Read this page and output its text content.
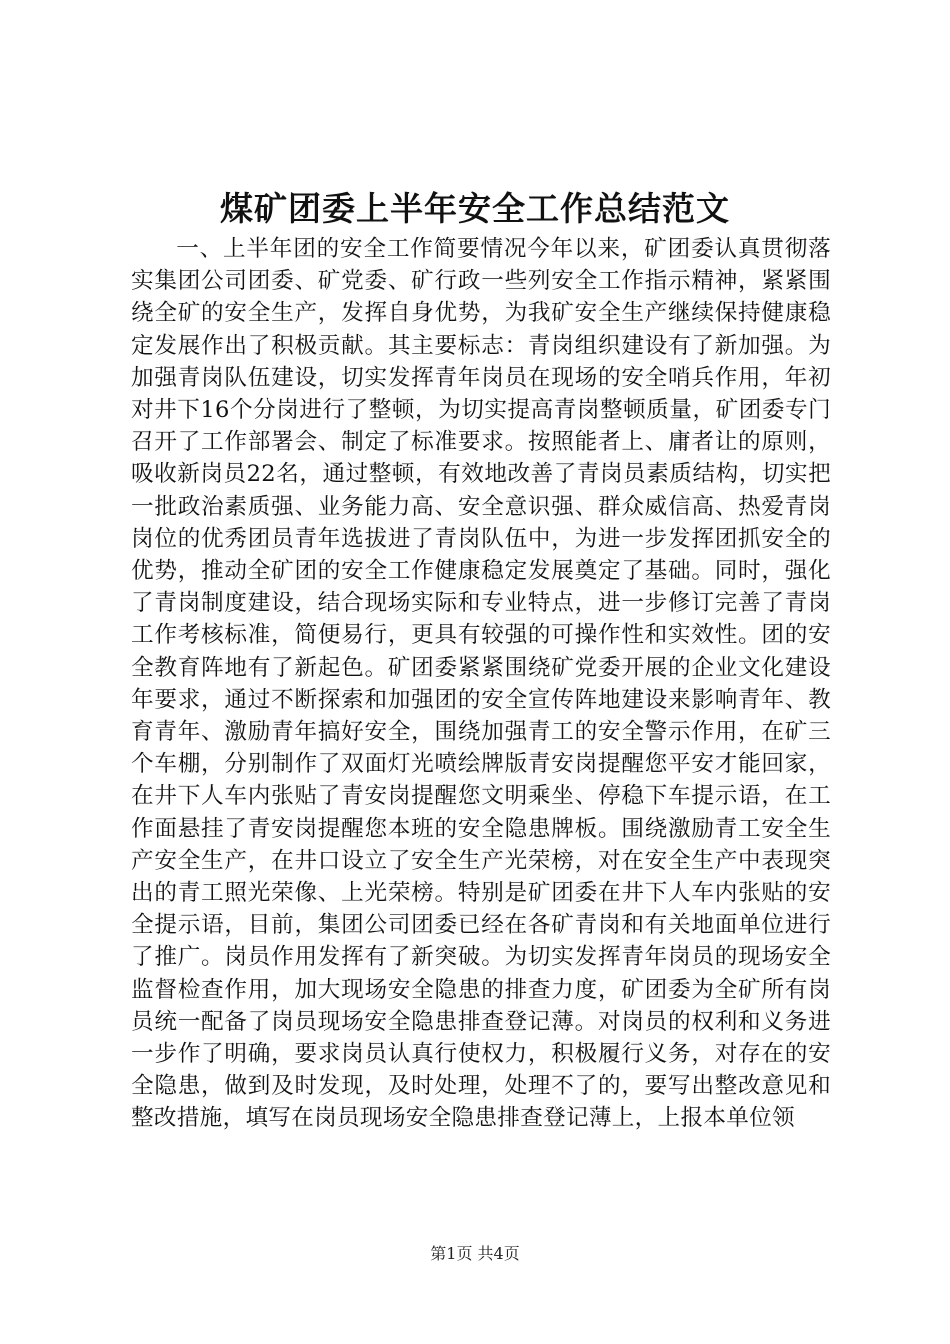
煤矿团委上半年安全工作总结范文

一、上半年团的安全工作简要情况今年以来，矿团委认真贯彻落实集团公司团委、矿党委、矿行政一些列安全工作指示精神，紧紧围绕全矿的安全生产，发挥自身优势，为我矿安全生产继续保持健康稳定发展作出了积极贡献。其主要标志：青岗组织建设有了新加强。为加强青岗队伍建设，切实发挥青年岗员在现场的安全哨兵作用，年初对井下16个分岗进行了整顿，为切实提高青岗整顿质量，矿团委专门召开了工作部署会、制定了标准要求。按照能者上、庸者让的原则，吸收新岗员22名，通过整顿，有效地改善了青岗员素质结构，切实把一批政治素质强、业务能力高、安全意识强、群众威信高、热爱青岗岗位的优秀团员青年选拔进了青岗队伍中，为进一步发挥团抓安全的优势，推动全矿团的安全工作健康稳定发展奠定了基础。同时，强化了青岗制度建设，结合现场实际和专业特点，进一步修订完善了青岗工作考核标准，简便易行，更具有较强的可操作性和实效性。团的安全教育阵地有了新起色。矿团委紧紧围绕矿党委开展的企业文化建设年要求，通过不断探索和加强团的安全宣传阵地建设来影响青年、教育青年、激励青年搞好安全，围绕加强青工的安全警示作用，在矿三个车棚，分别制作了双面灯光喷绘牌版青安岗提醒您平安才能回家，在井下人车内张贴了青安岗提醒您文明乘坐、停稳下车提示语，在工作面悬挂了青安岗提醒您本班的安全隐患牌板。围绕激励青工安全生产安全生产，在井口设立了安全生产光荣榜，对在安全生产中表现突出的青工照光荣像、上光荣榜。特别是矿团委在井下人车内张贴的安全提示语，目前，集团公司团委已经在各矿青岗和有关地面单位进行了推广。岗员作用发挥有了新突破。为切实发挥青年岗员的现场安全监督检查作用，加大现场安全隐患的排查力度，矿团委为全矿所有岗员统一配备了岗员现场安全隐患排查登记薄。对岗员的权利和义务进一步作了明确，要求岗员认真行使权力，积极履行义务，对存在的安全隐患，做到及时发现，及时处理，处理不了的，要写出整改意见和整改措施，填写在岗员现场安全隐患排查登记薄上，上报本单位领

第1页 共4页
